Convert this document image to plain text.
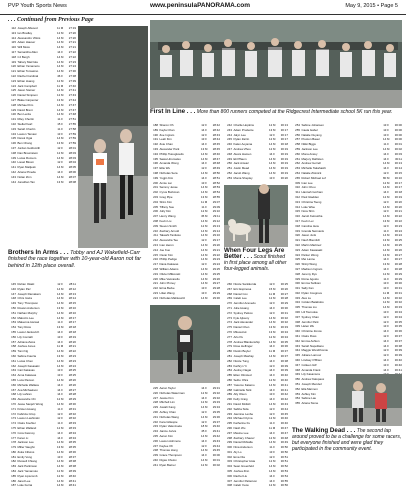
PVP Youth Sports News	www.peninsulaPANORAMA.com	May 9, 2015 • Page 5
. . . Continued from Previous Page
112 Joseph Allwood	11 M	27:19
113 Ian Bradley	12 M	27:20
114 Alessandro Villois	14 M	27:20
115 Adam Hauser	14 M	27:21
116 Will Moss	14 M	27:21
117 Samantha Allen	14 F	27:22
118 CJ Bergh	14 M	27:22
119 Tahary Mazzola	14 M	27:23
120 Ethan Yamamoto	14 M	27:24
121 Ethan Tomasino	14 M	27:30
122 Rachel Cardinal	46 F	27:38
123 Ethan Huang	12 M	27:39
124 Jack Campbell	11 M	27:40
125 Jason Steiner	14 M	27:41
126 Daniel Simpson	12 M	27:43
127 Blake Carpenter	13 M	27:44
128 Michael Kim	14 M	27:47
129 David Brent	14 M	27:47
130 Ben Lerda	14 M	27:48
131 Riley Chertin	11 F	27:51
132 Stella Pearl	15 F	27:55
133 Sarah Chertin	11 F	27:58
134 Lauren Tamasi	13 F	27:59
135 Derek Ogai	14 M	27:59
136 Ben Chang	13 M	27:59
137 Jordan Goldsmith	12 F	28:01
138 Dan Brownstein	12 M	28:03
139 Lucas Romero	14 M	28:03
140 Liesel Bloom	12 F	28:04
141 Ryan Matijesk	14 M	28:05
142 Ariana Pineda	14 F	28:06
143 Nolan Zinn	14 M	28:07
144 Jonathan Tan	13 M	28:08
145 Rehan Okaki	12 F	28:11
146 Rylan Paz	14 M	28:12
147 Joseph Ramakers	14 M	28:13
148 Chris Icaza	14 M	28:14
149 Tony Thompson	14 M	28:15
150 Rowan Anderson	13 M	28:16
151 Nathan Murphy	14 M	28:16
152 Malcolm Lee	14 M	28:17
153 Makenna Hansel	11 F	28:17
154 Tony Ross	13 M	28:18
155 Laurel Jankovich	14 F	28:18
156 Lily Conrath	13 F	28:19
157 Adriana Zeiss	14 F	28:20
158 Joshua Jones	11 M	28:21
159 Tomi Ng	14 M	28:22
160 Sabine Fauzia	13 M	28:23
161 Lucas Chen	14 M	28:23
162 Joseph Kasasaki	14 M	28:24
163 Cari Kakavas	13 F	28:25
164 Anna Kakavas	13 F	28:25
165 Luca Paxson	14 M	28:26
166 Michelle Wallace	14 F	28:26
167 Ava Michaelson	14 F	28:27
168 Lily Lahran	14 F	28:28
169 Alexandre Chi	12 M	28:29
170 Jesse Sanjeh Wong	14 M	28:30
171 Kristen Huang	11 F	28:31
172 Fabricia Crisp	12 F	28:32
173 Lauren Lashinski	12 F	28:32
174 Claire Koehler	11 F	28:33
175 Ethan Walland	12 M	28:33
176 Cora Fasmoy	14 F	28:34
177 Karen Li	14 F	28:34
178 Jackson Lee	14 M	28:35
179 Miller Vaughn	13 M	28:35
180 Zuka Cilluros	14 M	28:36
181 Emily Vong	13 F	28:37
182 Russell Chiang	14 M	28:38
183 Jack Parkinson	14 M	28:38
184 Jack Yamamoto	12 M	28:39
185 Ryan Lipscomb	12 M	28:40
186 Jared Lee	14 M	28:41
187 Luke Ferrai	14 M	28:41
Brothers In Arms . . . Tobby and AJ Wakefield-Carr finished the race together with 10-year-old Aaron not far behind in 12th place overall.
First In Line . . . More than 800 runners competed at the Ridgecrest Intermediate school 5K run this year.
188 Sharon Oh	12 F	28:42
189 Kayla Chan	14 F	28:42
190 Zoe Ingram	12 F	28:43
191 Leah Kim	13 F	28:44
192 Zoie Chan	14 F	28:45
193 Alexander Park	13 M	28:45
194 Phillip Tsiougkoulis	14 M	28:46
195 Sawa Hirumatsu	14 M	28:47
196 Amanda Wong	14 F	28:48
197 Ellie Wu	12 F	28:49
198 Nicholas Sera	14 M	28:50
199 Yugjin Kim	14 F	28:51
200 Annie Lai	13 F	28:52
201 Sammy Jesse	14 M	28:53
202 Cyrus Burkman	14 M	28:54
203 Greg Pipe	13 M	28:55
204 Shiro Kim	11 M	29:07
205 Tiffany Sue	11 F	29:09
206 Jolly Kim	12 M	29:10
207 Henry Wang	45 M	29:11
208 Kevin Liu	14 M	29:12
209 Steven Smith	12 M	29:13
210 Zachary Arnold	14 M	29:14
211 Takashi Tanikoto	14 M	29:16
212 Alexandra Tee	12 F	29:17
213 Ivan Heron	14 M	29:20
214 Joe Kuo	14 M	29:21
215 Oscar Kim	14 M	29:22
216 Phillip Pedigo	14 M	29:23
217 Dana Kakavas	12 F	29:24
218 William Adams	14 M	29:25
219 Olivier Milkovski	14 M	29:25
220 Mike Vaccarello	14 M	29:26
221 John Pinney	14 M	29:27
222 Erina Berke	13 F	29:28
223 Lilian Wang	13 F	29:29
224 Nicholas Mahkowitz	14 M	29:30
225 Aaron Taylor	14 F	29:31
226 Nicholas Waterman	12 M	29:32
227 Jessie Kim	14 F	29:32
228 Mitchell Lim	12 M	29:33
229 Josiah Kang	14 M	29:34
230 Ashley Chan	12 F	29:35
231 Nicholas Wang	14 M	29:36
232 Kara Gillespie	12 F	29:37
233 Dylan Valenzuela	18 M	29:40
234 Janice Jarvis	45 F	29:41
235 Aaron Kim	14 M	29:42
236 Lauren Ashmore	14 F	29:43
237 Kaylee Oh	12 F	29:44
238 Thomas Hong	14 M	29:45
239 Grace Thompson	14 F	30:00
240 Digas Chulov	14 M	30:01
241 Ryan Barner	12 M	30:02
242 Charlie Hopkins	12 M	30:13
243 Adam Prudente	13 M	30:17
244 Jalyn Lee	12 F	30:17
245 Dylan Zarrin	12 M	30:17
246 Kalen Aoyama	14 M	30:18
247 Andrew Zhou	12 M	30:19
248 Alexis Hamen	14 F	30:19
249 Eli Pflaum	14 M	30:19
250 Jack Anwaz	14 M	30:19
251 Justin Mead	14 M	30:19
252 Jacob Wang	14 M	30:19
253 Monia Shepley	13 F	30:20
When Four Legs Are Better . . . Scout finished in first place among all other four-legged animals.
266 Nicole Santikorda	12 F	30:25
267 Eric Espinosa	15 M	30:26
268 Daniel Cox	11 M	30:27
269 Caleb Lee	12 M	30:28
270 Jennifer Acevedo	12 F	30:29
271 Julie Huang	14 F	30:30
272 Sydney Petkov	12 F	30:31
273 Kyle Ajlouny	14 M	30:32
274 Jack Alexander	14 M	30:32
275 Daniel Chen	13 M	30:33
276 Mitusuzuk	13 M	30:34
277 Arlo Pe	12 M	30:34
278 Andrew Blankenship	14 M	30:35
279 Rose Heflinger	14 F	30:36
280 Dustin Boyler	11 M	30:37
281 Joseph Mashay	14 M	30:37
282 Nicole Tung	14 F	30:38
283 Kathryn Yi	12 F	30:39
284 Audrey Nagai	14 F	30:39
285 Ellen Olmsted	14 F	30:40
286 Seibo Ohra	12 M	30:40
287 Yasumo Katamo	14 M	30:41
288 Gabrielle Nick	14 F	30:41
289 Ally Olson	13 F	30:42
290 Kelly Craig	14 F	30:42
291 David Kikilsili	14 M	30:43
292 Sabha Sida	12 F	30:44
293 Jasmine Lenbe	12 F	30:45
294 Michael Clyma	12 M	30:46
295 Katherine Fu	11 F	30:46
296 Nash Wu	11 M	30:47
297 Maxine Lee	14 F	30:47
298 Zachary Chavez	12 M	30:48
299 Daniel Rizkalla	14 M	30:49
300 Nina Anderson	11 F	30:50
301 Aly Lo	13 F	30:50
302 Ema Ota	12 F	30:51
303 Christopher Hsia	12 M	30:51
304 Sean Greenfeld	14 M	30:52
305 Joshua Zinn	14 M	30:53
306 Rachel Liu	14 F	30:54
307 Jennifer Patterson	14 F	30:55
308 Caleb Yeow	12 M	30:56
254 Sabine Johansen	13 F	30:00
255 Caela Isabel	13 F	30:00
256 Natalie Ouyang	13 F	30:00
257 Preston Bauer	14 M	30:00
258 Nikki Biggs	11 F	30:01
259 Jackson Lee	14 M	30:02
260 Mona Anavy	14 F	30:03
261 Marjory Dahlsten	14 F	30:11
262 Andrew Gorrell	14 M	30:13
263 Michelle Takahashi	14 F	30:14
264 Natalie Zlotnick	12 F	30:15
265 Robert Michael Lof	80 M	30:16
309 Ivan Lee	12 M	30:17
310 John Chou	14 M	30:17
311 Hannah Gorham	14 F	30:18
312 Paul Gladden	12 M	30:19
313 Christina Tseng	12 F	30:20
314 Luke Wise	14 M	30:20
315 Nora Shin	12 F	30:21
316 Jacob Ketrestha	14 M	30:22
317 Kevin Lei	13 M	30:22
318 Caroline Hew	12 F	30:23
319 Grenda Neimanis	11 F	30:24
320 Jason Junk	14 M	30:24
321 Naoh Biemlich	13 M	30:25
322 Martin Martinez	14 M	30:25
323 Adam Kawasaki	14 M	30:26
324 Parker Wong	13 M	30:27
325 Mei Lanne	14 F	30:27
326 Shinji Wong	13 M	30:28
327 Madison Ingram	14 F	30:28
328 Jeremy Ryu	12 M	30:29
329 Roine Agosto	11 F	30:29
330 Emma Sullivan	13 F	30:30
331 Sally Fan	13 F	30:31
332 Dylan Cosgrove	11 M	30:31
333 Alex Lu	14 M	30:32
334 Colden Batabdos	12 M	30:32
335 Thomas Liu	14 M	30:33
336 Lili Tsuruoka	13 F	30:34
337 Sydney Chan	12 F	30:34
338 Jennifer Park	12 F	30:35
339 Helen Wu	13 F	30:35
340 Christine Zonos	14 F	30:36
341 Claire Ross	12 F	30:37
342 Emma Ashton	14 F	30:37
343 Sarah Napolitano	14 F	30:38
344 Maggie Wendthomie	12 F	30:39
345 Juliane Lamour	12 F	30:39
346 Lindsay O'Brien	14 F	30:40
347 Colleen Gilf	13 F	30:40
348 Amanda Frank	14 F	30:41
349 Lily Kasamura
350 Andrew Kalopaux
351 Joseph Mendez
352 Ella Marmon
353 Ashley Kim
354 Sabine Lau
355 Ariana Stone
The Walking Dead . . . The second lap around proved to be a challenge for some racers, but everyone finished and were glad they participated in the community event.
